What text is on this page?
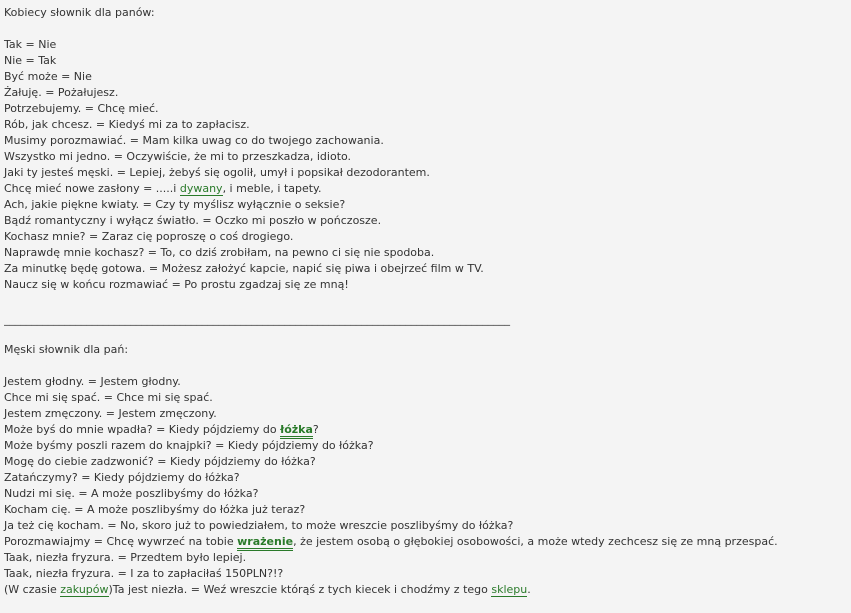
Kobiecy słownik dla panów:
Tak = Nie
Nie = Tak
Być może = Nie
Żałuję. = Pożałujesz.
Potrzebujemy. = Chcę mieć.
Rób, jak chcesz. = Kiedyś mi za to zapłacisz.
Musimy porozmawiać. = Mam kilka uwag co do twojego zachowania.
Wszystko mi jedno. = Oczywiście, że mi to przeszkadza, idioto.
Jaki ty jesteś męski. = Lepiej, żebyś się ogolił, umył i popsikał dezodorantem.
Chcę mieć nowe zasłony = .....i dywany, i meble, i tapety.
Ach, jakie piękne kwiaty. = Czy ty myślisz wyłącznie o seksie?
Bądź romantyczny i wyłącz światło. = Oczko mi poszło w pończosze.
Kochasz mnie? = Zaraz cię poproszę o coś drogiego.
Naprawdę mnie kochasz? = To, co dziś zrobiłam, na pewno ci się nie spodoba.
Za minutkę będę gotowa. = Możesz założyć kapcie, napić się piwa i obejrzeć film w TV.
Naucz się w końcu rozmawiać = Po prostu zgadzaj się ze mną!
____________________________________________________________________________________________
Męski słownik dla pań:
Jestem głodny. = Jestem głodny.
Chce mi się spać. = Chce mi się spać.
Jestem zmęczony. = Jestem zmęczony.
Może byś do mnie wpadła? = Kiedy pójdziemy do łóżka?
Może byśmy poszli razem do knajpki? = Kiedy pójdziemy do łóżka?
Mogę do ciebie zadzwonić? = Kiedy pójdziemy do łóżka?
Zatańczymy? = Kiedy pójdziemy do łóżka?
Nudzi mi się. = A może poszlibyśmy do łóżka?
Kocham cię. = A może poszlibyśmy do łóżka już teraz?
Ja też cię kocham. = No, skoro już to powiedziałem, to może wreszcie poszlibyśmy do łóżka?
Porozmawiajmy = Chcę wywrzeć na tobie wrażenie, że jestem osobą o głębokiej osobowości, a może wtedy zechcesz się ze mną przespać.
Taak, niezła fryzura. = Przedtem było lepiej.
Taak, niezła fryzura. = I za to zapłaciłaś 150PLN?!?
(W czasie zakupów)Ta jest niezła. = Weź wreszcie którąś z tych kiecek i chodźmy z tego sklepu.
